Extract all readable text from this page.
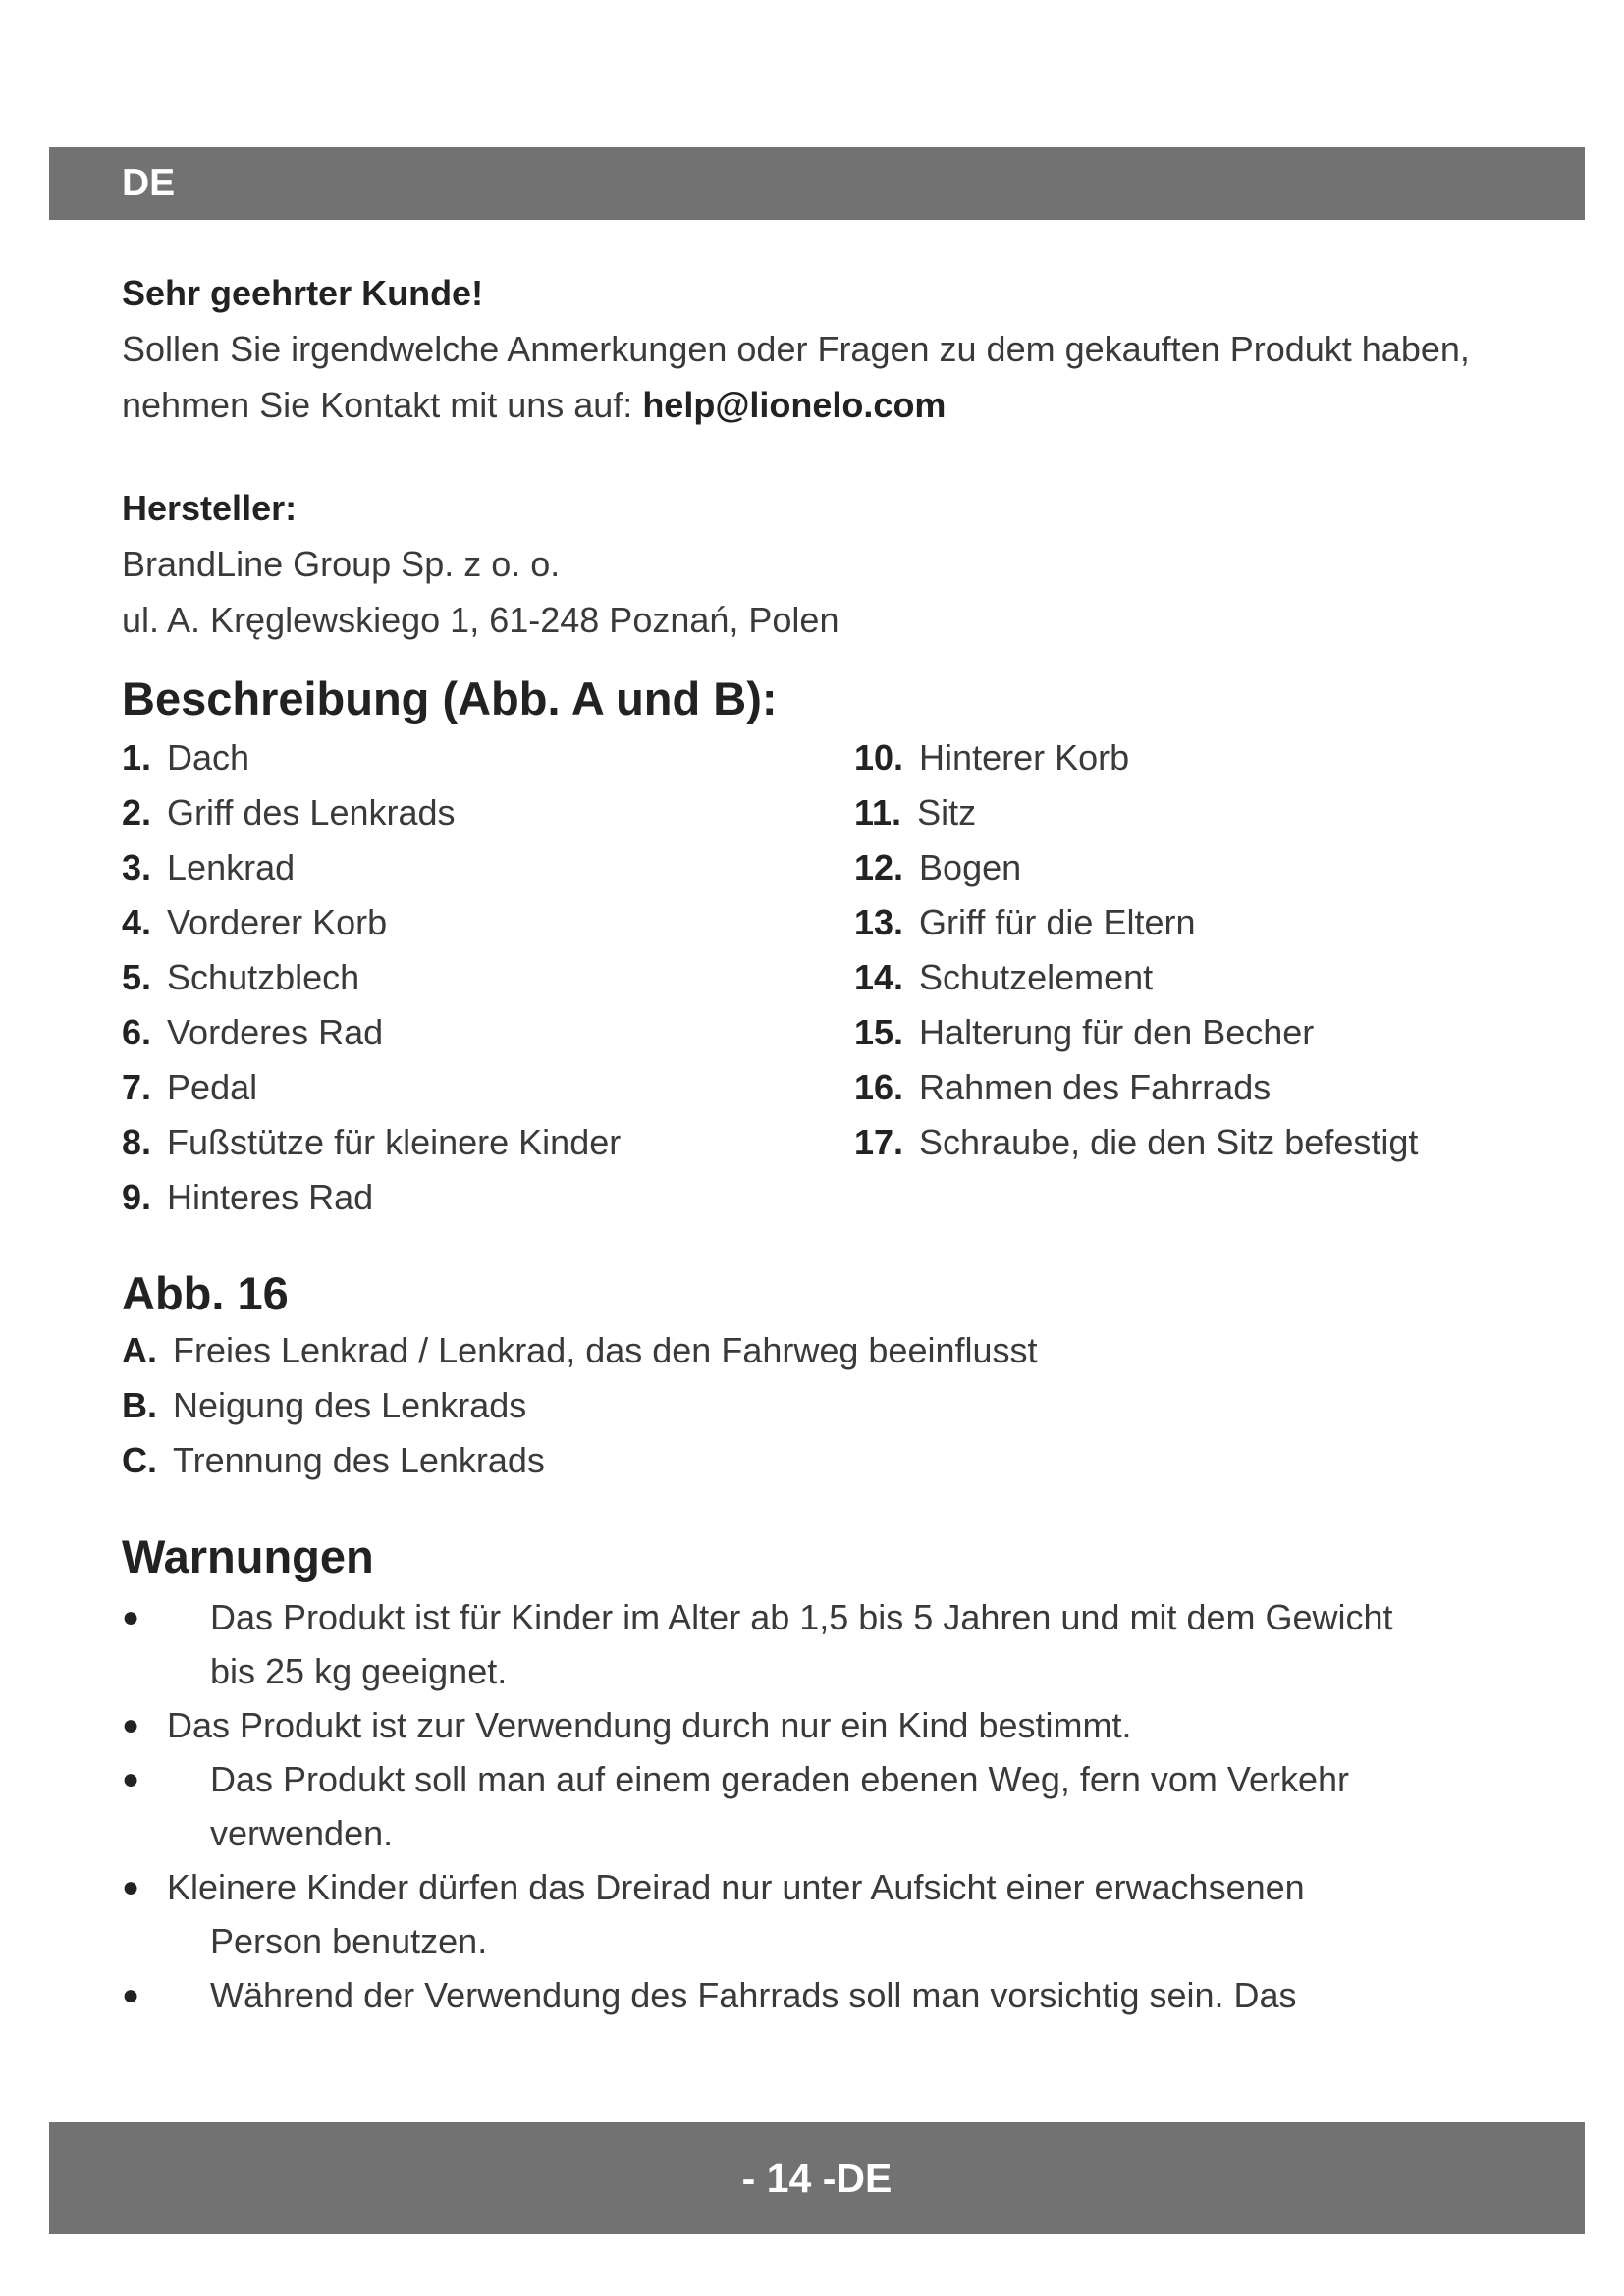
DE

Sehr geehrter Kunde!

Sollen Sie irgendwelche Anmerkungen oder Fragen zu dem gekauften Produkt haben, nehmen Sie Kontakt mit uns auf: help@lionelo.com

Hersteller:

BrandLine Group Sp. z o. o.

ul. A. Kręglewskiego 1, 61-248 Poznań, Polen

Beschreibung (Abb. A und B):

1. Dach
2. Griff des Lenkrads
3. Lenkrad
4. Vorderer Korb
5. Schutzblech
6. Vorderes Rad
7. Pedal
8. Fußstütze für kleinere Kinder
9. Hinteres Rad
10. Hinterer Korb
11. Sitz
12. Bogen
13. Griff für die Eltern
14. Schutzelement
15. Halterung für den Becher
16. Rahmen des Fahrrads
17. Schraube, die den Sitz befestigt

Abb. 16

A. Freies Lenkrad / Lenkrad, das den Fahrweg beeinflusst
B. Neigung des Lenkrads
C. Trennung des Lenkrads

Warnungen

●	Das Produkt ist für Kinder im Alter ab 1,5 bis 5 Jahren und mit dem Gewicht
bis 25 kg geeignet.
● Das Produkt ist zur Verwendung durch nur ein Kind bestimmt.
●	Das Produkt soll man auf einem geraden ebenen Weg, fern vom Verkehr
verwenden.
● Kleinere Kinder dürfen das Dreirad nur unter Aufsicht einer erwachsenen
Person benutzen.
●	Während der Verwendung des Fahrrads soll man vorsichtig sein. Das
- 14 -DE
